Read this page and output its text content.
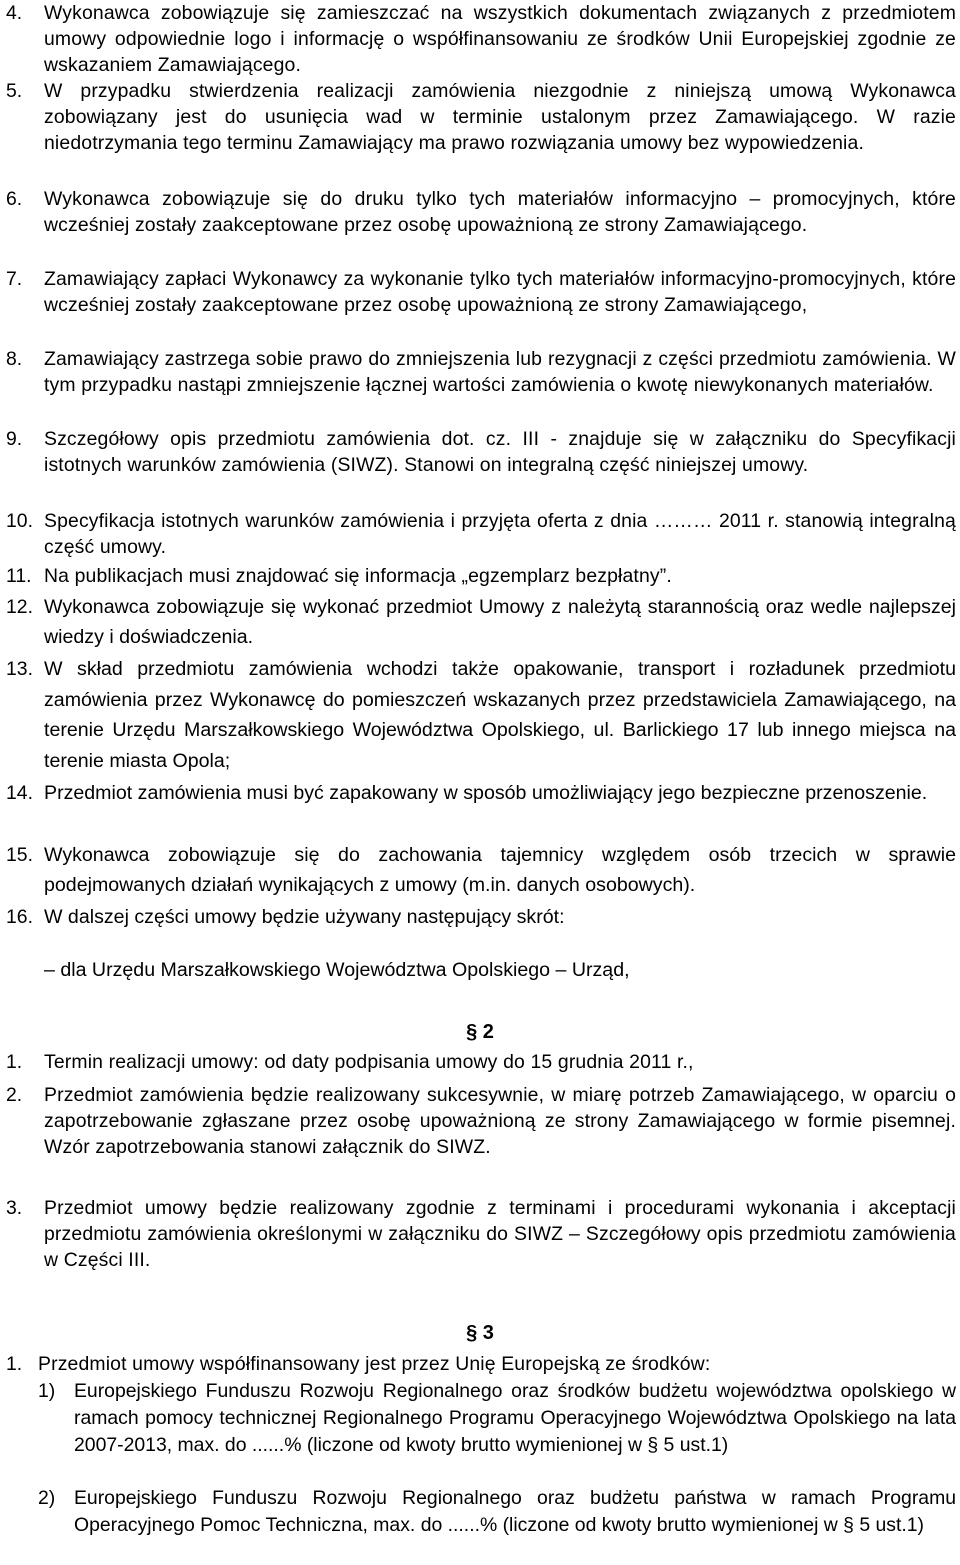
4. Wykonawca zobowiązuje się zamieszczać na wszystkich dokumentach związanych z przedmiotem umowy odpowiednie logo i informację o współfinansowaniu ze środków Unii Europejskiej zgodnie ze wskazaniem Zamawiającego.
5. W przypadku stwierdzenia realizacji zamówienia niezgodnie z niniejszą umową Wykonawca zobowiązany jest do usunięcia wad w terminie ustalonym przez Zamawiającego. W razie niedotrzymania tego terminu Zamawiający ma prawo rozwiązania umowy bez wypowiedzenia.
6. Wykonawca zobowiązuje się do druku tylko tych materiałów informacyjno – promocyjnych, które wcześniej zostały zaakceptowane przez osobę upoważnioną ze strony Zamawiającego.
7. Zamawiający zapłaci Wykonawcy za wykonanie tylko tych materiałów informacyjno-promocyjnych, które wcześniej zostały zaakceptowane przez osobę upoważnioną ze strony Zamawiającego,
8. Zamawiający zastrzega sobie prawo do zmniejszenia lub rezygnacji z części przedmiotu zamówienia. W tym przypadku nastąpi zmniejszenie łącznej wartości zamówienia o kwotę niewykonanych materiałów.
9. Szczegółowy opis przedmiotu zamówienia dot. cz. III - znajduje się w załączniku do Specyfikacji istotnych warunków zamówienia (SIWZ). Stanowi on integralną część niniejszej umowy.
10. Specyfikacja istotnych warunków zamówienia i przyjęta oferta z dnia ……… 2011 r. stanowią integralną część umowy.
11. Na publikacjach musi znajdować się informacja „egzemplarz bezpłatny”.
12. Wykonawca zobowiązuje się wykonać przedmiot Umowy z należytą starannością oraz wedle najlepszej wiedzy i doświadczenia.
13. W skład przedmiotu zamówienia wchodzi także opakowanie, transport i rozładunek przedmiotu zamówienia przez Wykonawcę do pomieszczeń wskazanych przez przedstawiciela Zamawiającego, na terenie Urzędu Marszałkowskiego Województwa Opolskiego, ul. Barlickiego 17 lub innego miejsca na terenie miasta Opola;
14. Przedmiot zamówienia musi być zapakowany w sposób umożliwiający jego bezpieczne przenoszenie.
15. Wykonawca zobowiązuje się do zachowania tajemnicy względem osób trzecich w sprawie podejmowanych działań wynikających z umowy (m.in. danych osobowych).
16. W dalszej części umowy będzie używany następujący skrót:
– dla Urzędu Marszałkowskiego Województwa Opolskiego – Urząd,
§ 2
1. Termin realizacji umowy: od daty podpisania umowy do 15 grudnia 2011 r.,
2. Przedmiot zamówienia będzie realizowany sukcesywnie, w miarę potrzeb Zamawiającego, w oparciu o zapotrzebowanie zgłaszane przez osobę upoważnioną ze strony Zamawiającego w formie pisemnej. Wzór zapotrzebowania stanowi załącznik do SIWZ.
3. Przedmiot umowy będzie realizowany zgodnie z terminami i procedurami wykonania i akceptacji przedmiotu zamówienia określonymi w załączniku do SIWZ – Szczegółowy opis przedmiotu zamówienia w Części III.
§ 3
1. Przedmiot umowy współfinansowany jest przez Unię Europejską ze środków:
1) Europejskiego Funduszu Rozwoju Regionalnego oraz środków budżetu województwa opolskiego w ramach pomocy technicznej Regionalnego Programu Operacyjnego Województwa Opolskiego na lata 2007-2013, max. do ......% (liczone od kwoty brutto wymienionej w § 5 ust.1)
2) Europejskiego Funduszu Rozwoju Regionalnego oraz budżetu państwa w ramach Programu Operacyjnego Pomoc Techniczna, max. do ......% (liczone od kwoty brutto wymienionej w § 5 ust.1)
